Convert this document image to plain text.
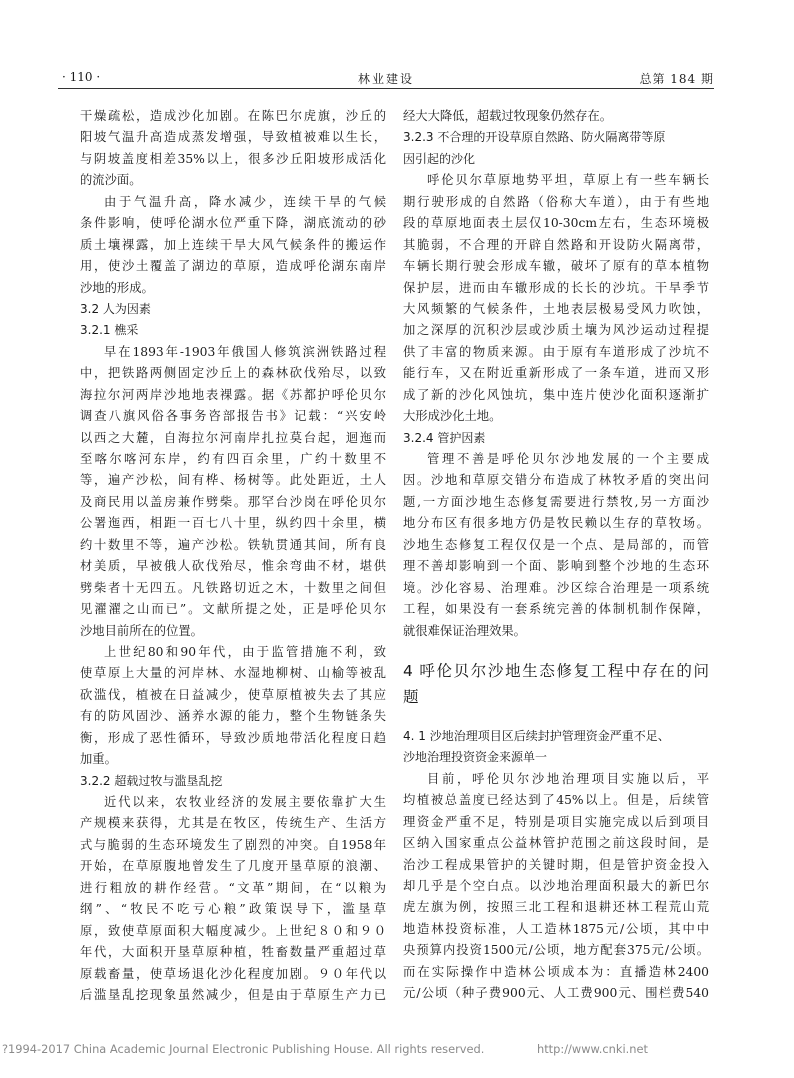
· 110 ·	林业建设	总第 184 期
干燥疏松，造成沙化加剧。在陈巴尔虎旗，沙丘的
阳坡气温升高造成蒸发增强，导致植被难以生长，
与阴坡盖度相差35%以上，很多沙丘阳坡形成活化
的流沙面。
由于气温升高，降水减少，连续干旱的气候
条件影响，使呼伦湖水位严重下降，湖底流动的砂
质土壤裸露，加上连续干旱大风气候条件的搬运作
用，使沙土覆盖了湖边的草原，造成呼伦湖东南岸
沙地的形成。
3.2 人为因素
3.2.1 樵采
早在1893年-1903年俄国人修筑滨洲铁路过程
中，把铁路两侧固定沙丘上的森林砍伐殆尽，以致
海拉尔河两岸沙地地表裸露。据《苏都护呼伦贝尔
调查八旗风俗各事务咨部报告书》记载：“兴安岭
以西之大麓，自海拉尔河南岸扎拉莫台起，迴迤而
至喀尔喀河东岸，约有四百余里，广约十数里不
等，遍产沙松，间有桦、杨树等。此处距近，土人
及商民用以盖房兼作劈柴。那罕台沙岗在呼伦贝尔
公署迤西，相距一百七八十里，纵约四十余里，横
约十数里不等，遍产沙松。铁轨贯通其间，所有良
材美质，早被俄人砍伐殆尽，惟余弯曲不材，堪供
劈柴者十无四五。凡铁路切近之木，十数里之间但
见濯濯之山而已”。文献所提之处，正是呼伦贝尔
沙地目前所在的位置。
上世纪80和90年代，由于监管措施不利，致
使草原上大量的河岸林、水湿地柳树、山榆等被乱
砍滥伐，植被在日益减少，使草原植被失去了其应
有的防风固沙、涵养水源的能力，整个生物链条失
衡，形成了恶性循环，导致沙质地带活化程度日趋
加重。
3.2.2 超载过牧与滥垦乱挖
近代以来，农牧业经济的发展主要依靠扩大生
产规模来获得，尤其是在牧区，传统生产、生活方
式与脆弱的生态环境发生了剧烈的冲突。自1958年
开始，在草原腹地曾发生了几度开垦草原的浪潮、
进行粗放的耕作经营。“文革”期间，在“以粮为
纲”、“牧民不吃亏心粮”政策误导下，滥垦草
原，致使草原面积大幅度减少。上世纪８０和９０
年代，大面积开垦草原种植，牲畜数量严重超过草
原载畜量，使草场退化沙化程度加剧。９０年代以
后滥垦乱挖现象虽然减少，但是由于草原生产力已
经大大降低，超载过牧现象仍然存在。
3.2.3 不合理的开设草原自然路、防火隔离带等原
因引起的沙化
呼伦贝尔草原地势平坦，草原上有一些车辆长
期行驶形成的自然路（俗称大车道），由于有些地
段的草原地面表土层仅10-30cm左右，生态环境极
其脆弱，不合理的开辟自然路和开设防火隔离带，
车辆长期行驶会形成车辙，破坏了原有的草本植物
保护层，进而由车辙形成的长长的沙坑。干旱季节
大风频繁的气候条件，土地表层极易受风力吹蚀，
加之深厚的沉积沙层或沙质土壤为风沙运动过程提
供了丰富的物质来源。由于原有车道形成了沙坑不
能行车，又在附近重新形成了一条车道，进而又形
成了新的沙化风蚀坑，集中连片使沙化面积逐渐扩
大形成沙化土地。
3.2.4 管护因素
管理不善是呼伦贝尔沙地发展的一个主要成
因。沙地和草原交错分布造成了林牧矛盾的突出问
题,一方面沙地生态修复需要进行禁牧,另一方面沙
地分布区有很多地方仍是牧民赖以生存的草牧场。
沙地生态修复工程仅仅是一个点、是局部的，而管
理不善却影响到一个面、影响到整个沙地的生态环
境。沙化容易、治理难。沙区综合治理是一项系统
工程，如果没有一套系统完善的体制机制作保障，
就很难保证治理效果。
4 呼伦贝尔沙地生态修复工程中存在的问
题
4. 1 沙地治理项目区后续封护管理资金严重不足、
沙地治理投资资金来源单一
目前，呼伦贝尔沙地治理项目实施以后，平
均植被总盖度已经达到了45%以上。但是，后续管
理资金严重不足，特别是项目实施完成以后到项目
区纳入国家重点公益林管护范围之前这段时间，是
治沙工程成果管护的关键时期，但是管护资金投入
却几乎是个空白点。以沙地治理面积最大的新巴尔
虎左旗为例，按照三北工程和退耕还林工程荒山荒
地造林投资标准，人工造林1875元/公顷，其中中
央预算内投资1500元/公顷，地方配套375元/公顷。
而在实际操作中造林公顷成本为：直播造林2400
元/公顷（种子费900元、人工费900元、围栏费540
?1994-2017 China Academic Journal Electronic Publishing House. All rights reserved.	http://www.cnki.net
